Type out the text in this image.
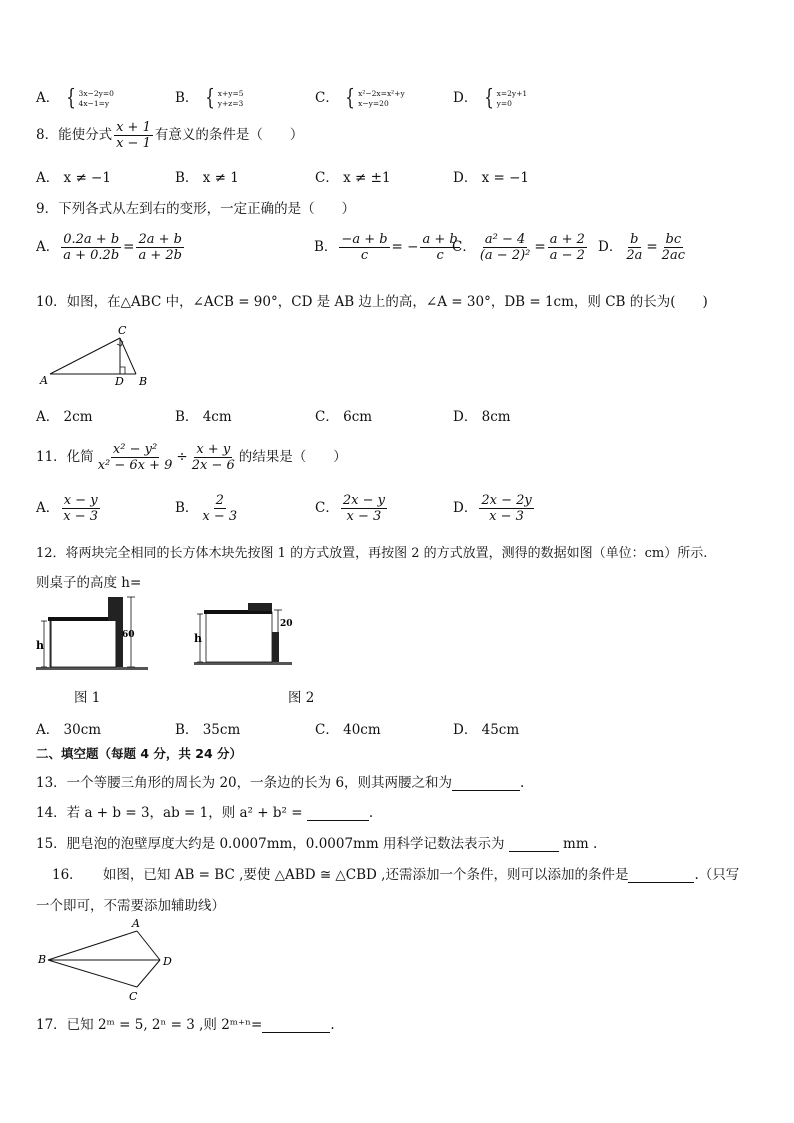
A． { 3x−2y=0
4x−1=y	B． { x+y=5
y+z=3	C． { x²−2x=x²+y
x−y=20	D． { x=2y+1
y=0
8．能使分式 $\frac{x + 1}{x - 1}$ 有意义的条件是（　　）
A． x ≠ −1	B． x ≠ 1	C． x ≠ ±1	D． x = −1
9．下列各式从左到右的变形，一定正确的是（　　）
A． $\frac{0.2a + b}{a + 0.2b} = \frac{2a + b}{a + 2b}$	B． $\frac{-a + b}{c}$ = − $\frac{a + b}{c}$
C． $\frac{\text{a² − 4}}{\text{(a − 2)²}} = \frac{a + 2}{a - 2}$ D． $\frac{b}{2a} = \frac{bc}{2ac}$
10．如图，在△ABC 中，∠ACB = 90°，CD 是 AB 边上的高，∠A = 30°，DB = 1cm，则 CB 的长为(　　)
C
A	D B
A． 2cm	B． 4cm	C． 6cm	D． 8cm
11．化简 $\frac{\text{x² − y²}}{\text{x² − 6x + 9}} \div \frac{x + y}{2x - 6}$ 的结果是（　　）
A． $\frac{x - y}{x - 3}$	B． $\frac{2}{x - 3}$	C． $\frac{2x - y}{x - 3}$	D． $\frac{2x - 2y}{x - 3}$
12．将两块完全相同的长方体木块先按图 1 的方式放置，再按图 2 的方式放置，测得的数据如图（单位：cm）所示.
则桌子的高度 h=
h
60
图 1
h
20
图 2
A． 30cm	B． 35cm	C． 40cm	D． 45cm
二、填空题（每题 4 分，共 24 分）
13．一个等腰三角形的周长为 20，一条边的长为 6，则其两腰之和为	.
14．若 a + b = 3，ab = 1，则 a² + b² =	.
15．肥皂泡的泡壁厚度大约是 0.0007mm，0.0007mm 用科学记数法表示为	mm .
16．　　如图，已知 AB = BC ,要使 △ABD ≅ △CBD ,还需添加一个条件，则可以添加的条件是	.（只写
一个即可，不需要添加辅助线）
A
B	D
C
17．已知 2ᵐ = 5, 2ⁿ = 3 ,则 2ᵐ⁺ⁿ=	.
